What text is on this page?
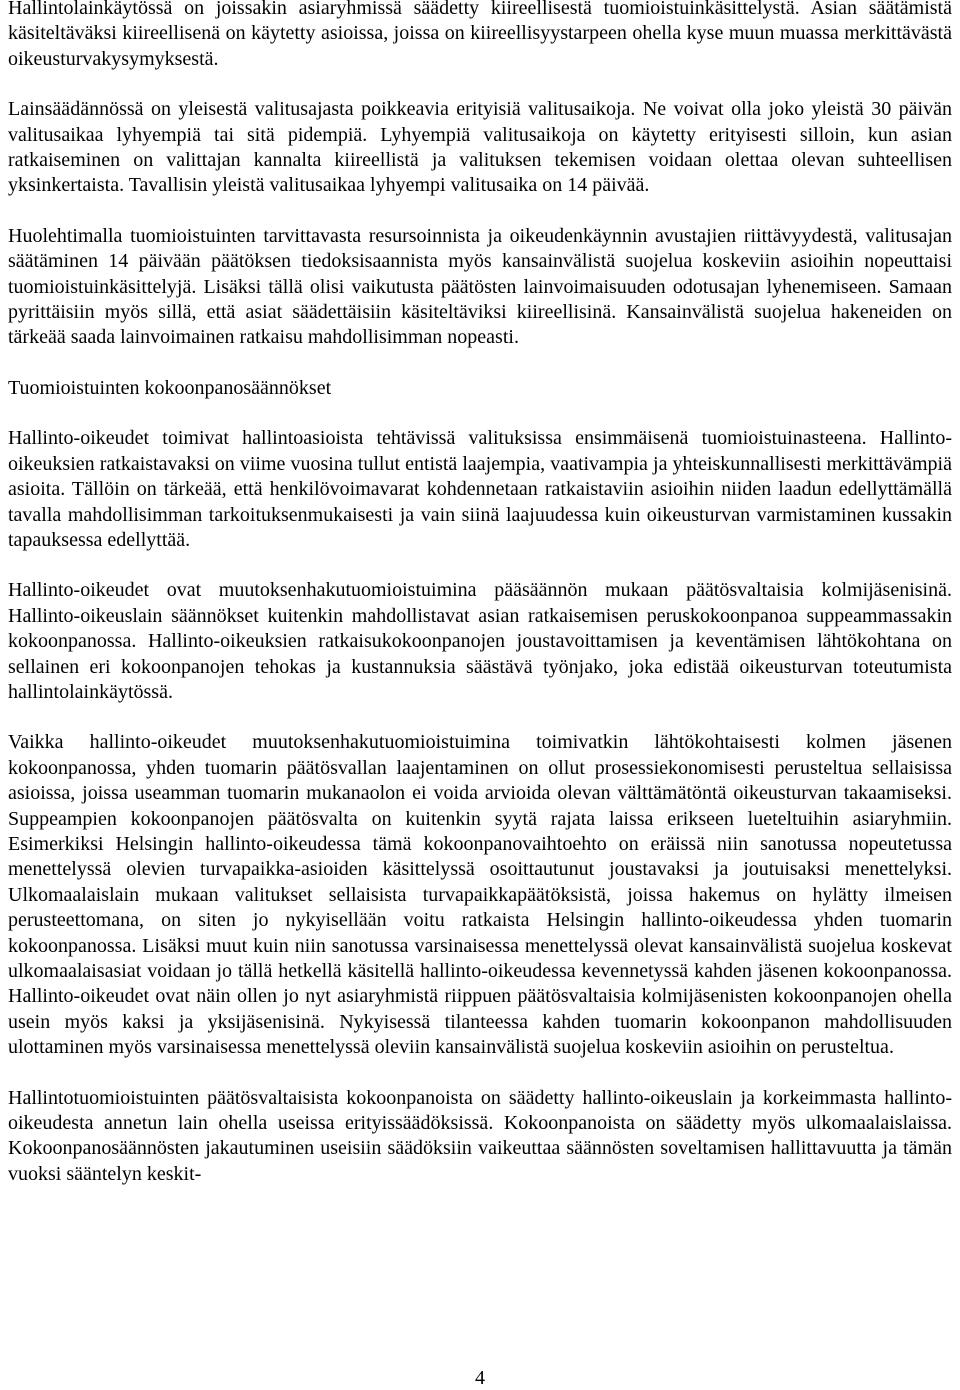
Hallintolainkäytössä on joissakin asiaryhmissä säädetty kiireellisestä tuomioistuinkäsittelystä. Asian säätämistä käsiteltäväksi kiireellisenä on käytetty asioissa, joissa on kiireellisyystarpeen ohella kyse muun muassa merkittävästä oikeusturvakysymyksestä.

Lainsäädännössä on yleisestä valitusajasta poikkeavia erityisiä valitusaikoja. Ne voivat olla joko yleistä 30 päivän valitusaikaa lyhyempiä tai sitä pidempiä. Lyhyempiä valitusaikoja on käytetty erityisesti silloin, kun asian ratkaiseminen on valittajan kannalta kiireellistä ja valituksen tekemisen voidaan olettaa olevan suhteellisen yksinkertaista. Tavallisin yleistä valitusaikaa lyhyempi valitusaika on 14 päivää.

Huolehtimalla tuomioistuinten tarvittavasta resursoinnista ja oikeudenkäynnin avustajien riittävyydestä, valitusajan säätäminen 14 päivään päätöksen tiedoksisaannista myös kansainvälistä suojelua koskeviin asioihin nopeuttaisi tuomioistuinkäsittelyjä. Lisäksi tällä olisi vaikutusta päätösten lainvoimaisuuden odotusajan lyhenemiseen. Samaan pyrittäisiin myös sillä, että asiat säädettäisiin käsiteltäviksi kiireellisinä. Kansainvälistä suojelua hakeneiden on tärkeää saada lainvoimainen ratkaisu mahdollisimman nopeasti.

Tuomioistuinten kokoonpanosäännökset

Hallinto-oikeudet toimivat hallintoasioista tehtävissä valituksissa ensimmäisenä tuomioistuinasteena. Hallinto-oikeuksien ratkaistavaksi on viime vuosina tullut entistä laajempia, vaativampia ja yhteiskunnallisesti merkittävämpiä asioita. Tällöin on tärkeää, että henkilövoimavarat kohdennetaan ratkaistaviin asioihin niiden laadun edellyttämällä tavalla mahdollisimman tarkoituksenmukaisesti ja vain siinä laajuudessa kuin oikeusturvan varmistaminen kussakin tapauksessa edellyttää.

Hallinto-oikeudet ovat muutoksenhakutuomioistuimina pääsäännön mukaan päätösvaltaisia kolmijäsenisinä. Hallinto-oikeuslain säännökset kuitenkin mahdollistavat asian ratkaisemisen peruskokoonpanoa suppeammassakin kokoonpanossa. Hallinto-oikeuksien ratkaisukokoonpanojen joustavoittamisen ja keventämisen lähtökohtana on sellainen eri kokoonpanojen tehokas ja kustannuksia säästävä työnjako, joka edistää oikeusturvan toteutumista hallintolainkäytössä.

Vaikka hallinto-oikeudet muutoksenhakutuomioistuimina toimivatkin lähtökohtaisesti kolmen jäsenen kokoonpanossa, yhden tuomarin päätösvallan laajentaminen on ollut prosessiekonomisesti perusteltua sellaisissa asioissa, joissa useamman tuomarin mukanaolon ei voida arvioida olevan välttämätöntä oikeusturvan takaamiseksi. Suppeampien kokoonpanojen päätösvalta on kuitenkin syytä rajata laissa erikseen lueteltuihin asiaryhmiin. Esimerkiksi Helsingin hallinto-oikeudessa tämä kokoonpanovaihtoehto on eräissä niin sanotussa nopeutetussa menettelyssä olevien turvapaikka-asioiden käsittelyssä osoittautunut joustavaksi ja joutuisaksi menettelyksi. Ulkomaalaislain mukaan valitukset sellaisista turvapaikkapäätöksistä, joissa hakemus on hylätty ilmeisen perusteettomana, on siten jo nykyisellään voitu ratkaista Helsingin hallinto-oikeudessa yhden tuomarin kokoonpanossa. Lisäksi muut kuin niin sanotussa varsinaisessa menettelyssä olevat kansainvälistä suojelua koskevat ulkomaalaisasiat voidaan jo tällä hetkellä käsitellä hallinto-oikeudessa kevennetyssä kahden jäsenen kokoonpanossa. Hallinto-oikeudet ovat näin ollen jo nyt asiaryhmistä riippuen päätösvaltaisia kolmijäsenisten kokoonpanojen ohella usein myös kaksi ja yksijäsenisinä. Nykyisessä tilanteessa kahden tuomarin kokoonpanon mahdollisuuden ulottaminen myös varsinaisessa menettelyssä oleviin kansainvälistä suojelua koskeviin asioihin on perusteltua.

Hallintotuomioistuinten päätösvaltaisista kokoonpanoista on säädetty hallinto-oikeuslain ja korkeimmasta hallinto-oikeudesta annetun lain ohella useissa erityissäädöksissä. Kokoonpanoista on säädetty myös ulkomaalaislaissa. Kokoonpanosäännösten jakautuminen useisiin säädöksiin vaikeuttaa säännösten soveltamisen hallittavuutta ja tämän vuoksi sääntelyn keskit-

4
